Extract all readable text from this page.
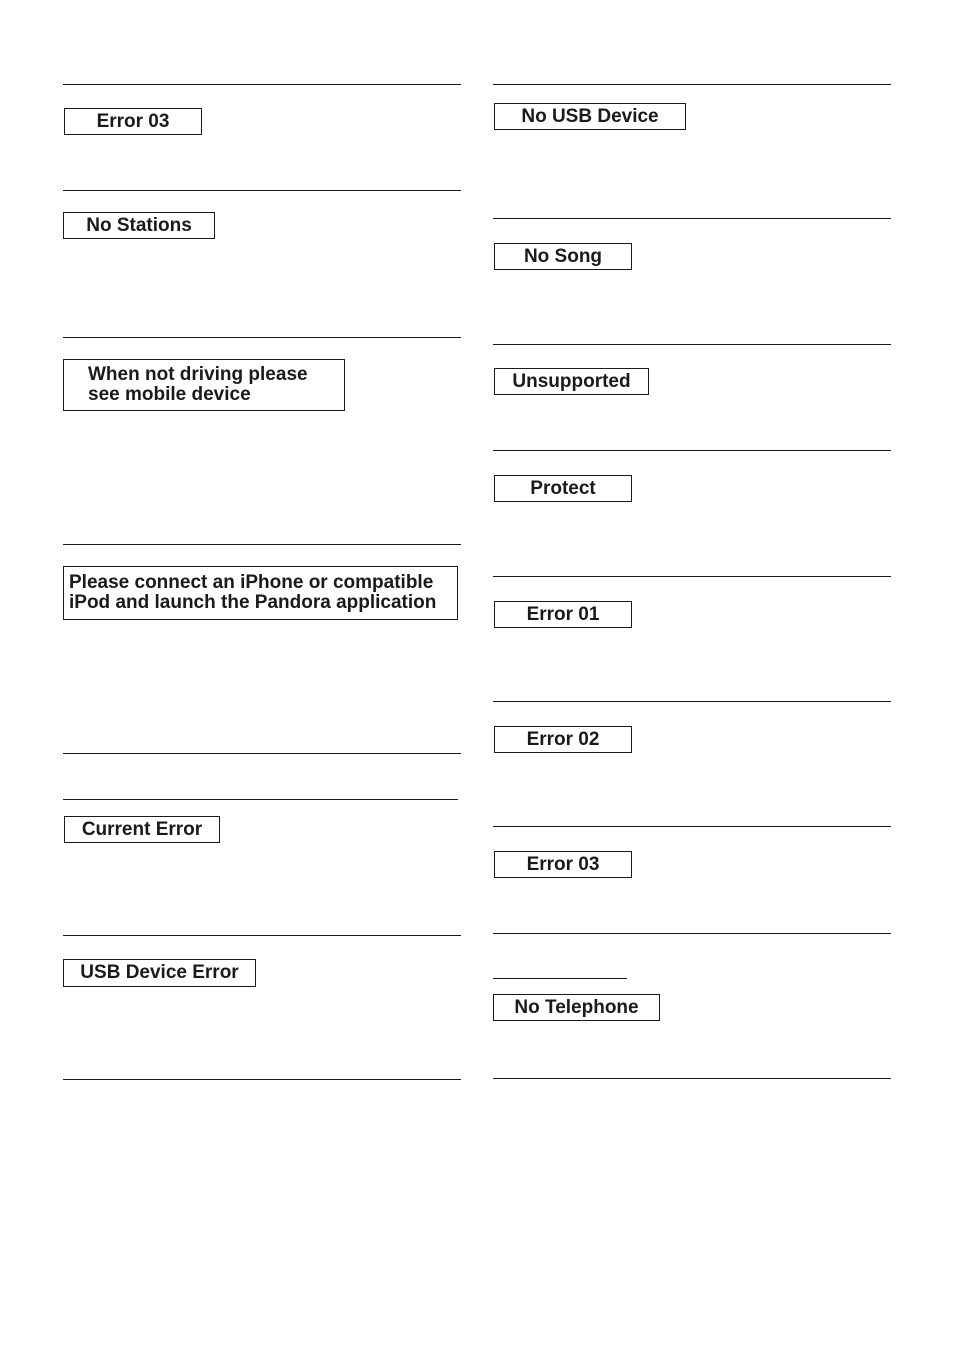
Error 03
No Stations
When not driving please
see mobile device
Please connect an iPhone or compatible
iPod and launch the Pandora application
Current Error
USB Device Error
No USB Device
No Song
Unsupported
Protect
Error 01
Error 02
Error 03
No Telephone
